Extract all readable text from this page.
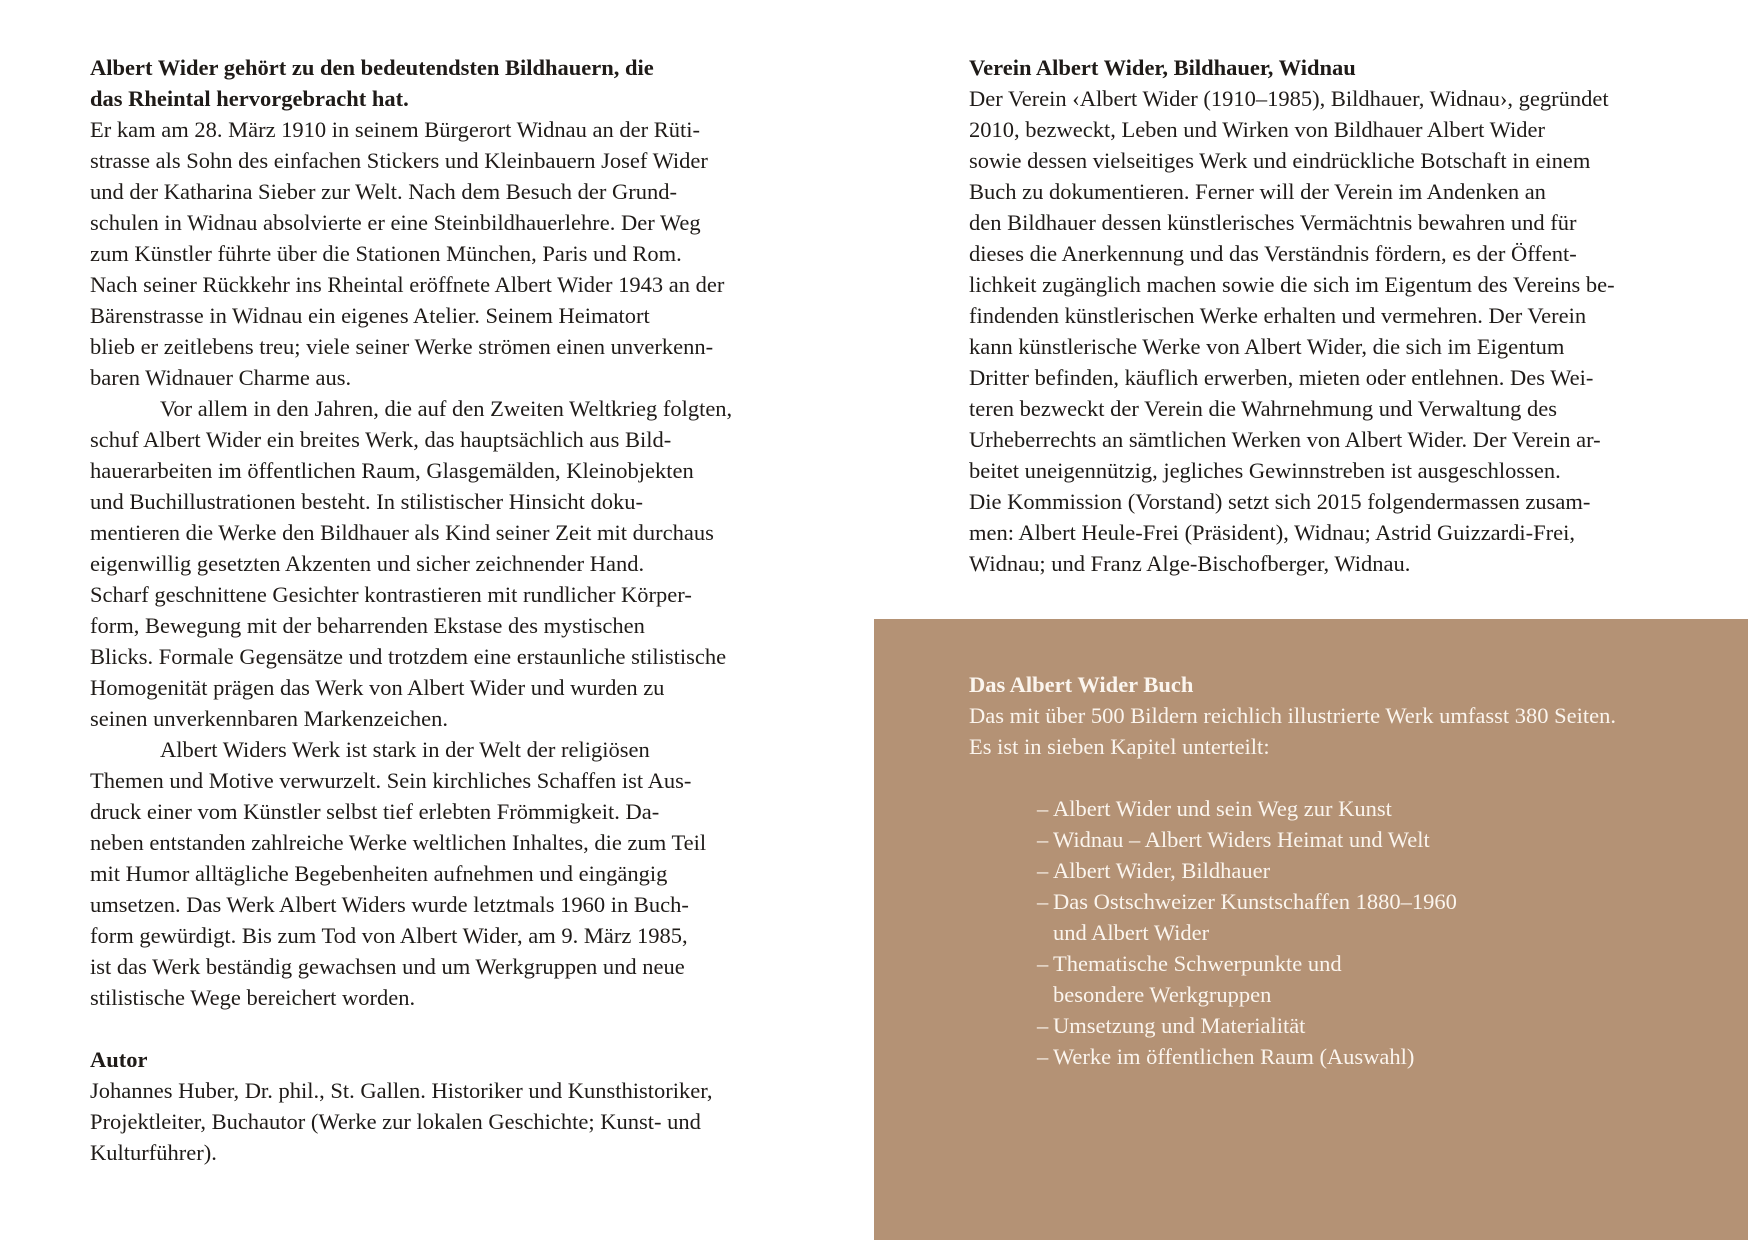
Albert Wider gehört zu den bedeutendsten Bildhauern, die
das Rheintal hervorgebracht hat.
Er kam am 28. März 1910 in seinem Bürgerort Widnau an der Rüti-
strasse als Sohn des einfachen Stickers und Kleinbauern Josef Wider
und der Katharina Sieber zur Welt. Nach dem Besuch der Grund-
schulen in Widnau absolvierte er eine Steinbildhauerlehre. Der Weg
zum Künstler führte über die Stationen München, Paris und Rom.
Nach seiner Rückkehr ins Rheintal eröffnete Albert Wider 1943 an der
Bärenstrasse in Widnau ein eigenes Atelier. Seinem Heimatort
blieb er zeitlebens treu; viele seiner Werke strömen einen unverkenn-
baren Widnauer Charme aus.
Vor allem in den Jahren, die auf den Zweiten Weltkrieg folgten,
schuf Albert Wider ein breites Werk, das hauptsächlich aus Bild-
hauerarbeiten im öffentlichen Raum, Glasgemälden, Kleinobjekten
und Buchillustrationen besteht. In stilistischer Hinsicht doku-
mentieren die Werke den Bildhauer als Kind seiner Zeit mit durchaus
eigenwillig gesetzten Akzenten und sicher zeichnender Hand.
Scharf geschnittene Gesichter kontrastieren mit rundlicher Körper-
form, Bewegung mit der beharrenden Ekstase des mystischen
Blicks. Formale Gegensätze und trotzdem eine erstaunliche stilistische
Homogenität prägen das Werk von Albert Wider und wurden zu
seinen unverkennbaren Markenzeichen.
Albert Widers Werk ist stark in der Welt der religiösen
Themen und Motive verwurzelt. Sein kirchliches Schaffen ist Aus-
druck einer vom Künstler selbst tief erlebten Frömmigkeit. Da-
neben entstanden zahlreiche Werke weltlichen Inhaltes, die zum Teil
mit Humor alltägliche Begebenheiten aufnehmen und eingängig
umsetzen. Das Werk Albert Widers wurde letztmals 1960 in Buch-
form gewürdigt. Bis zum Tod von Albert Wider, am 9. März 1985,
ist das Werk beständig gewachsen und um Werkgruppen und neue
stilistische Wege bereichert worden.
Autor
Johannes Huber, Dr. phil., St. Gallen. Historiker und Kunsthistoriker,
Projektleiter, Buchautor (Werke zur lokalen Geschichte; Kunst- und
Kulturführer).
Verein Albert Wider, Bildhauer, Widnau
Der Verein ‹Albert Wider (1910–1985), Bildhauer, Widnau›, gegründet
2010, bezweckt, Leben und Wirken von Bildhauer Albert Wider
sowie dessen vielseitiges Werk und eindrückliche Botschaft in einem
Buch zu dokumentieren. Ferner will der Verein im Andenken an
den Bildhauer dessen künstlerisches Vermächtnis bewahren und für
dieses die Anerkennung und das Verständnis fördern, es der Öffent-
lichkeit zugänglich machen sowie die sich im Eigentum des Vereins be-
findenden künstlerischen Werke erhalten und vermehren. Der Verein
kann künstlerische Werke von Albert Wider, die sich im Eigentum
Dritter befinden, käuflich erwerben, mieten oder entlehnen. Des Wei-
teren bezweckt der Verein die Wahrnehmung und Verwaltung des
Urheberrechts an sämtlichen Werken von Albert Wider. Der Verein ar-
beitet uneigennützig, jegliches Gewinnstreben ist ausgeschlossen.
Die Kommission (Vorstand) setzt sich 2015 folgendermassen zusam-
men: Albert Heule-Frei (Präsident), Widnau; Astrid Guizzardi-Frei,
Widnau; und Franz Alge-Bischofberger, Widnau.
Das Albert Wider Buch
Das mit über 500 Bildern reichlich illustrierte Werk umfasst 380 Seiten.
Es ist in sieben Kapitel unterteilt:
– Albert Wider und sein Weg zur Kunst
– Widnau – Albert Widers Heimat und Welt
– Albert Wider, Bildhauer
– Das Ostschweizer Kunstschaffen 1880–1960
und Albert Wider
– Thematische Schwerpunkte und
besondere Werkgruppen
– Umsetzung und Materialität
– Werke im öffentlichen Raum (Auswahl)
